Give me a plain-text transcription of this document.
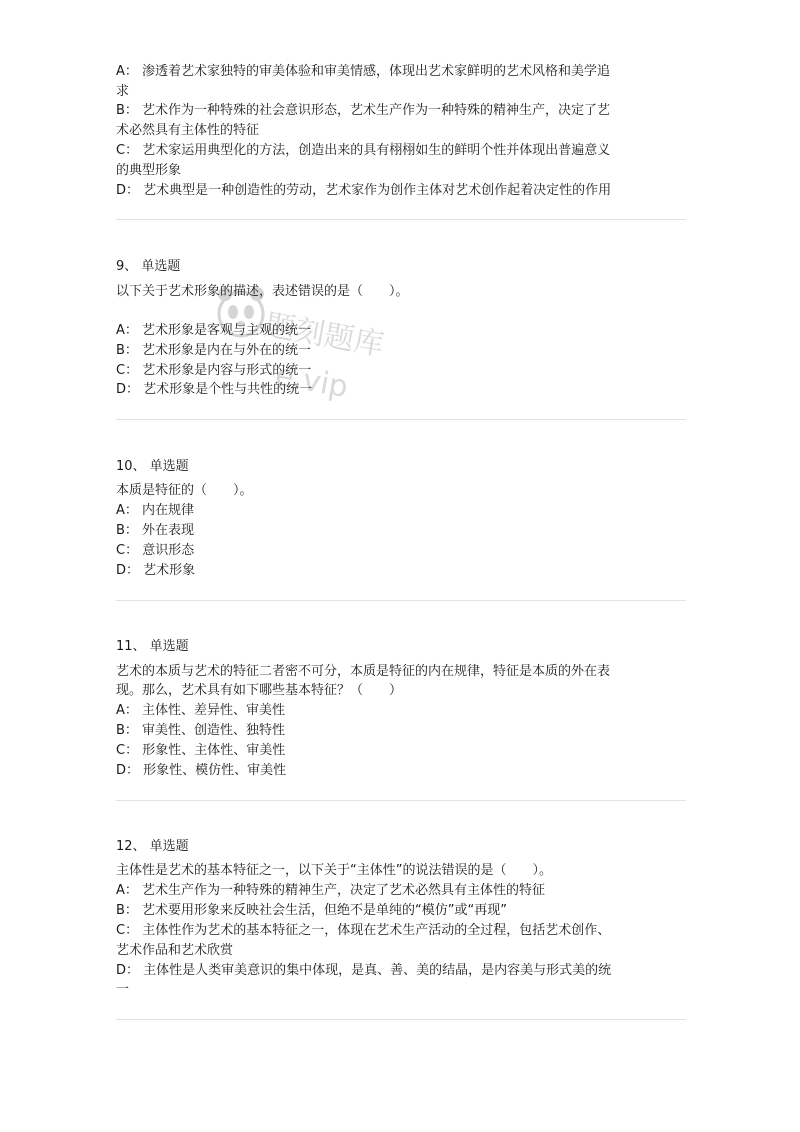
A： 渗透着艺术家独特的审美体验和审美情感，体现出艺术家鲜明的艺术风格和美学追
求
B： 艺术作为一种特殊的社会意识形态，艺术生产作为一种特殊的精神生产，决定了艺
术必然具有主体性的特征
C： 艺术家运用典型化的方法，创造出来的具有栩栩如生的鲜明个性并体现出普遍意义
的典型形象
D： 艺术典型是一种创造性的劳动，艺术家作为创作主体对艺术创作起着决定性的作用
9、 单选题
以下关于艺术形象的描述，表述错误的是（　　）。
A： 艺术形象是客观与主观的统一
B： 艺术形象是内在与外在的统一
C： 艺术形象是内容与形式的统一
D： 艺术形象是个性与共性的统一
10、 单选题
本质是特征的（　　）。
A： 内在规律
B： 外在表现
C： 意识形态
D： 艺术形象
11、 单选题
艺术的本质与艺术的特征二者密不可分，本质是特征的内在规律，特征是本质的外在表
现。那么，艺术具有如下哪些基本特征？（　　）
A： 主体性、差异性、审美性
B： 审美性、创造性、独特性
C： 形象性、主体性、审美性
D： 形象性、模仿性、审美性
12、 单选题
主体性是艺术的基本特征之一，以下关于“主体性”的说法错误的是（　　）。
A： 艺术生产作为一种特殊的精神生产，决定了艺术必然具有主体性的特征
B： 艺术要用形象来反映社会生活，但绝不是单纯的“模仿”或“再现”
C： 主体性作为艺术的基本特征之一，体现在艺术生产活动的全过程，包括艺术创作、
艺术作品和艺术欣赏
D： 主体性是人类审美意识的集中体现，是真、善、美的结晶，是内容美与形式美的统
一
题刻题库
e.vip
